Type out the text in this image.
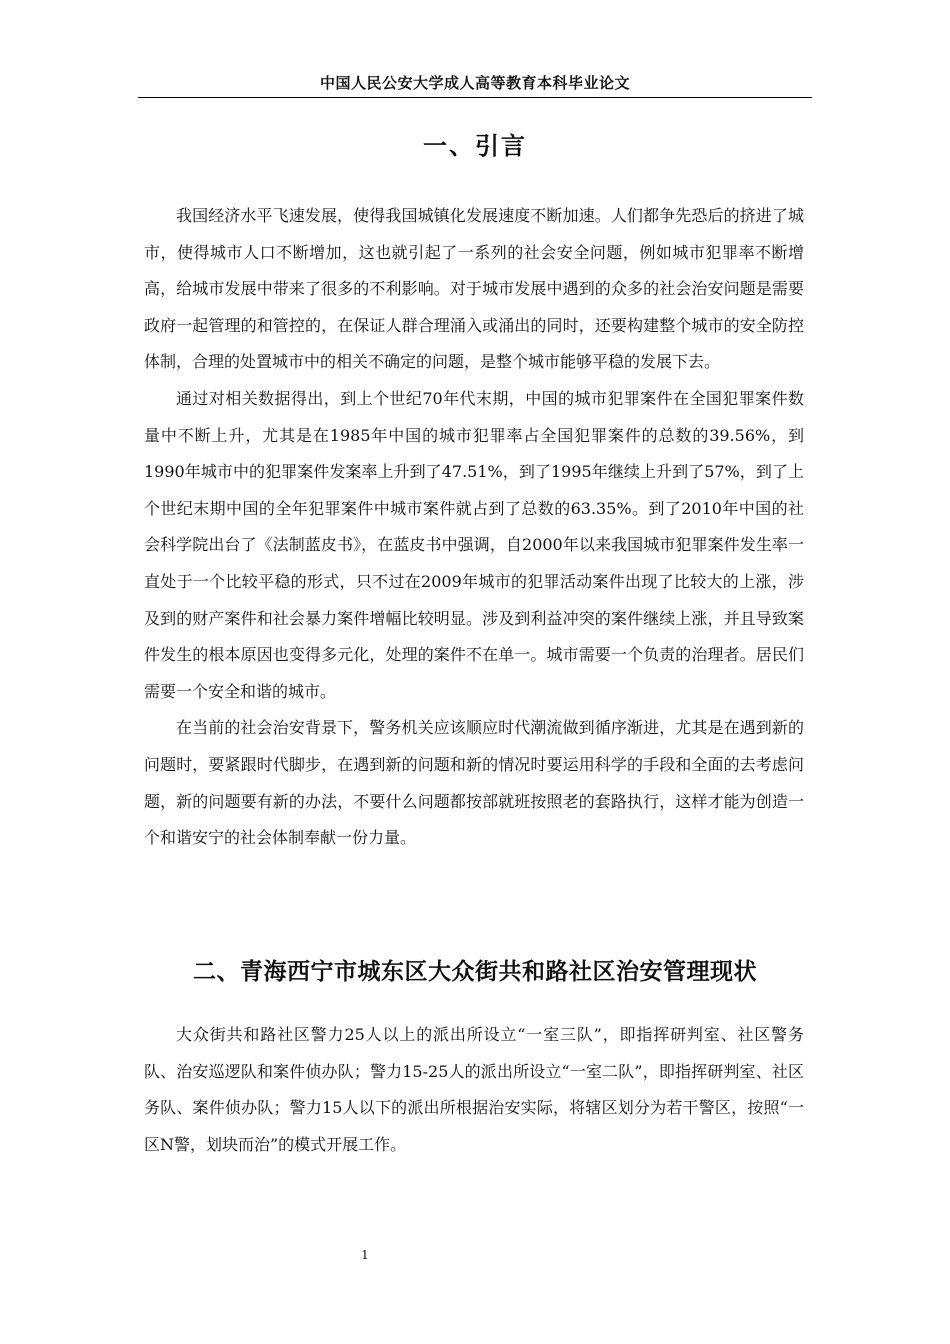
中国人民公安大学成人高等教育本科毕业论文
一、引言

我国经济水平飞速发展，使得我国城镇化发展速度不断加速。人们都争先恐后的挤进了城市，使得城市人口不断增加，这也就引起了一系列的社会安全问题，例如城市犯罪率不断增高，给城市发展中带来了很多的不利影响。对于城市发展中遇到的众多的社会治安问题是需要政府一起管理的和管控的，在保证人群合理涌入或涌出的同时，还要构建整个城市的安全防控体制，合理的处置城市中的相关不确定的问题，是整个城市能够平稳的发展下去。

通过对相关数据得出，到上个世纪70年代末期，中国的城市犯罪案件在全国犯罪案件数量中不断上升，尤其是在1985年中国的城市犯罪率占全国犯罪案件的总数的39.56%，到1990年城市中的犯罪案件发案率上升到了47.51%，到了1995年继续上升到了57%，到了上个世纪末期中国的全年犯罪案件中城市案件就占到了总数的63.35%。到了2010年中国的社会科学院出台了《法制蓝皮书》，在蓝皮书中强调，自2000年以来我国城市犯罪案件发生率一直处于一个比较平稳的形式，只不过在2009年城市的犯罪活动案件出现了比较大的上涨，涉及到的财产案件和社会暴力案件增幅比较明显。涉及到利益冲突的案件继续上涨，并且导致案件发生的根本原因也变得多元化，处理的案件不在单一。城市需要一个负责的治理者。居民们需要一个安全和谐的城市。

在当前的社会治安背景下，警务机关应该顺应时代潮流做到循序渐进，尤其是在遇到新的问题时，要紧跟时代脚步，在遇到新的问题和新的情况时要运用科学的手段和全面的去考虑问题，新的问题要有新的办法，不要什么问题都按部就班按照老的套路执行，这样才能为创造一个和谐安宁的社会体制奉献一份力量。

二、青海西宁市城东区大众街共和路社区治安管理现状

大众街共和路社区警力25人以上的派出所设立“一室三队”，即指挥研判室、社区警务队、治安巡逻队和案件侦办队；警力15-25人的派出所设立“一室二队”，即指挥研判室、社区务队、案件侦办队；警力15人以下的派出所根据治安实际，将辖区划分为若干警区，按照“一区N警，划块而治”的模式开展工作。

1
